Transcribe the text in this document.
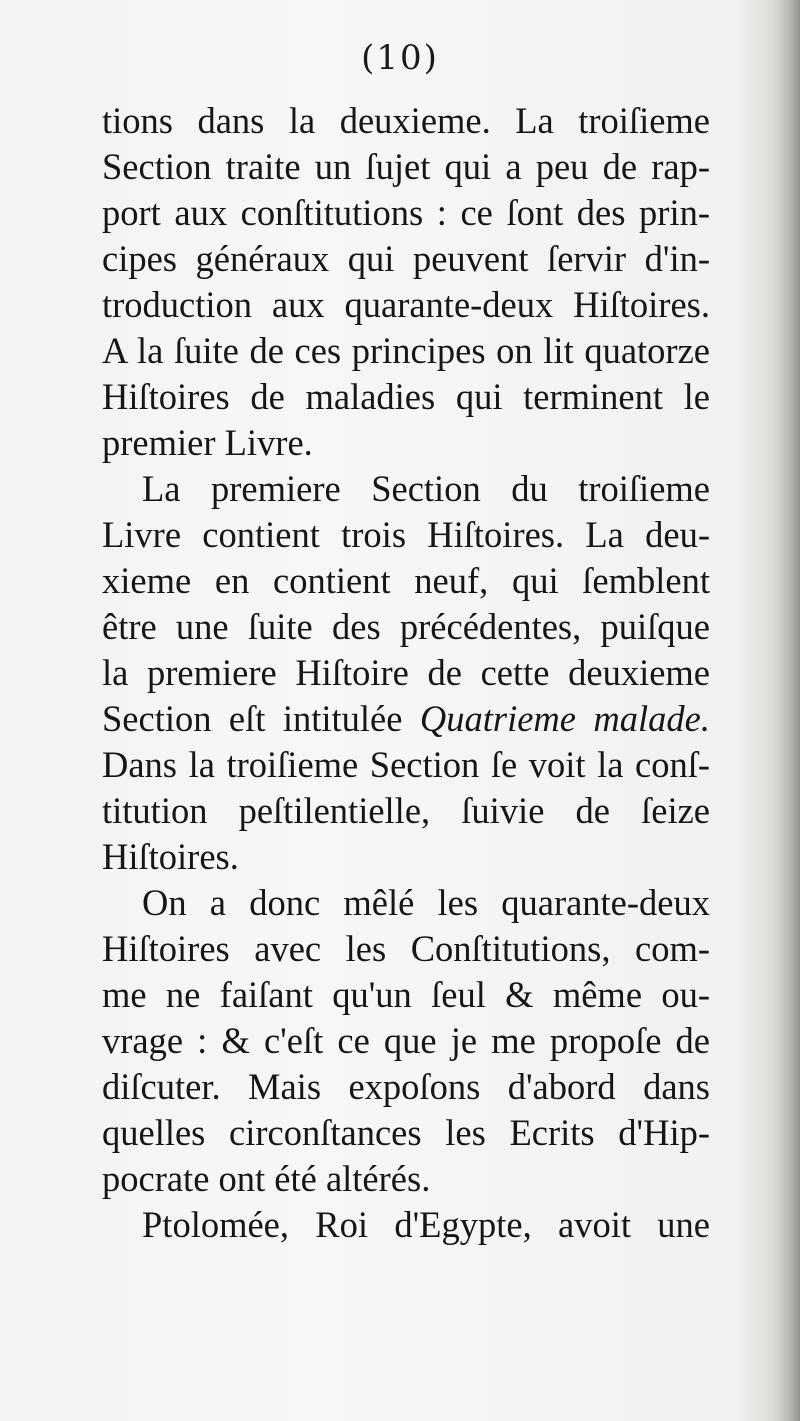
(10)
tions dans la deuxieme. La troiſieme
Section traite un ſujet qui a peu de rap-
port aux conſtitutions : ce ſont des prin-
cipes généraux qui peuvent ſervir d'in-
troduction aux quarante-deux Hiſtoires.
A la ſuite de ces principes on lit quatorze
Hiſtoires de maladies qui terminent le
premier Livre.
La premiere Section du troiſieme
Livre contient trois Hiſtoires. La deu-
xieme en contient neuf, qui ſemblent
être une ſuite des précédentes, puiſque
la premiere Hiſtoire de cette deuxieme
Section eſt intitulée Quatrieme malade.
Dans la troiſieme Section ſe voit la conſ-
titution peſtilentielle, ſuivie de ſeize
Hiſtoires.
On a donc mêlé les quarante-deux
Hiſtoires avec les Conſtitutions, com-
me ne faiſant qu'un ſeul & même ou-
vrage : & c'eſt ce que je me propoſe de
diſcuter. Mais expoſons d'abord dans
quelles circonſtances les Ecrits d'Hip-
pocrate ont été altérés.
Ptolomée, Roi d'Egypte, avoit une
